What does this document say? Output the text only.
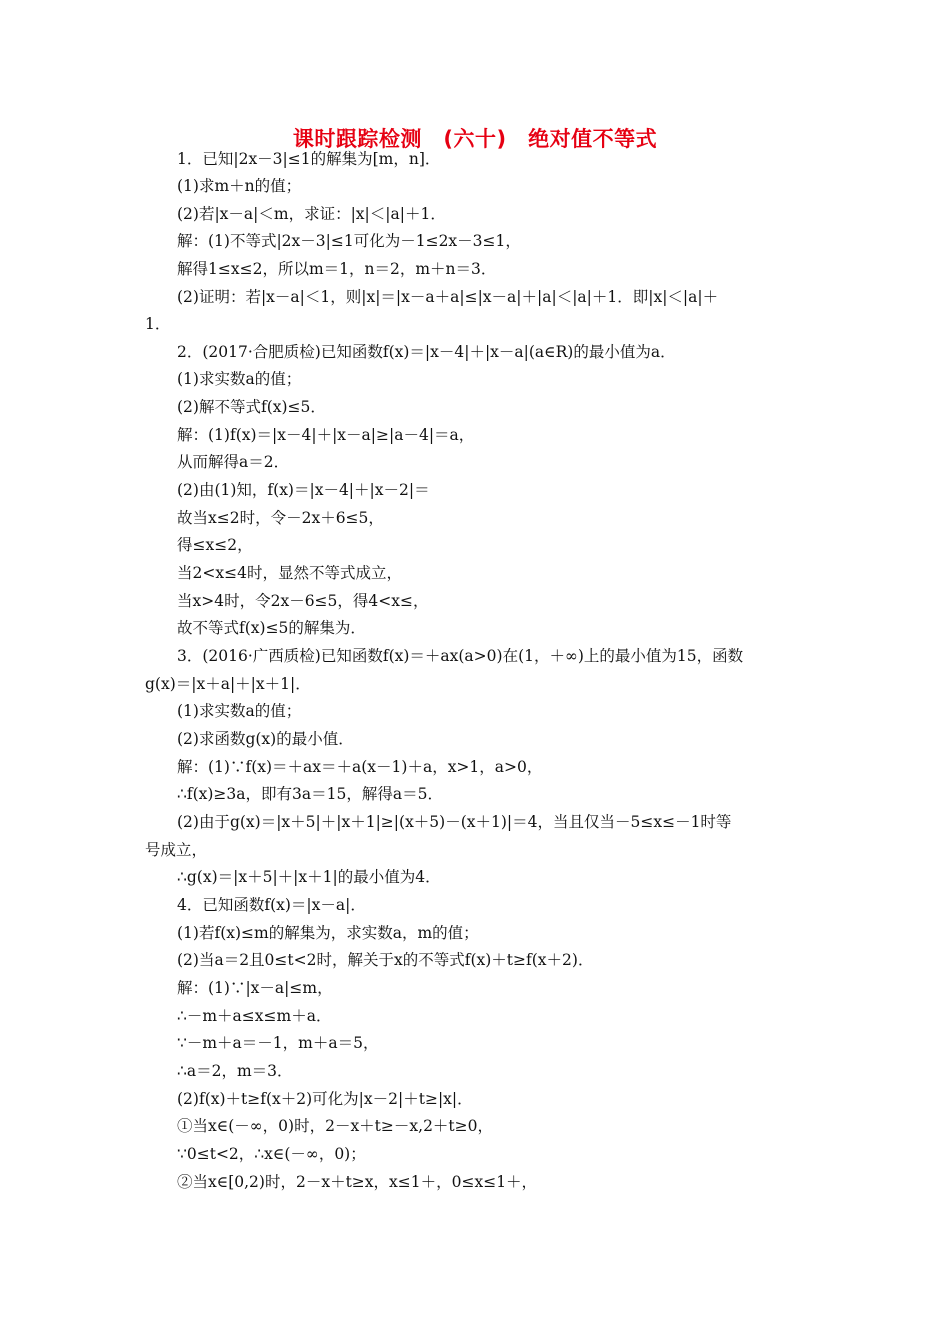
课时跟踪检测　(六十)　绝对值不等式
1．已知|2x－3|≤1的解集为[m，n]．
(1)求m＋n的值；
(2)若|x－a|＜m，求证：|x|＜|a|＋1．
解：(1)不等式|2x－3|≤1可化为－1≤2x－3≤1，
解得1≤x≤2，所以m＝1，n＝2，m＋n＝3．
(2)证明：若|x－a|＜1，则|x|＝|x－a＋a|≤|x－a|＋|a|＜|a|＋1．即|x|＜|a|＋
1．
2．(2017·合肥质检)已知函数f(x)＝|x－4|＋|x－a|(a∈R)的最小值为a．
(1)求实数a的值；
(2)解不等式f(x)≤5．
解：(1)f(x)＝|x－4|＋|x－a|≥|a－4|＝a，
从而解得a＝2．
(2)由(1)知，f(x)＝|x－4|＋|x－2|＝
故当x≤2时，令－2x＋6≤5，
得≤x≤2，
当2<x≤4时，显然不等式成立，
当x>4时，令2x－6≤5，得4<x≤，
故不等式f(x)≤5的解集为．
3．(2016·广西质检)已知函数f(x)＝＋ax(a>0)在(1，＋∞)上的最小值为15，函数
g(x)＝|x＋a|＋|x＋1|．
(1)求实数a的值；
(2)求函数g(x)的最小值．
解：(1)∵f(x)＝＋ax＝＋a(x－1)＋a，x>1，a>0，
∴f(x)≥3a，即有3a＝15，解得a＝5．
(2)由于g(x)＝|x＋5|＋|x＋1|≥|(x＋5)－(x＋1)|＝4，当且仅当－5≤x≤－1时等
号成立，
∴g(x)＝|x＋5|＋|x＋1|的最小值为4．
4．已知函数f(x)＝|x－a|．
(1)若f(x)≤m的解集为，求实数a，m的值；
(2)当a＝2且0≤t<2时，解关于x的不等式f(x)＋t≥f(x＋2)．
解：(1)∵|x－a|≤m，
∴－m＋a≤x≤m＋a．
∵－m＋a＝－1，m＋a＝5，
∴a＝2，m＝3．
(2)f(x)＋t≥f(x＋2)可化为|x－2|＋t≥|x|．
①当x∈(－∞，0)时，2－x＋t≥－x,2＋t≥0，
∵0≤t<2，∴x∈(－∞，0)；
②当x∈[0,2)时，2－x＋t≥x，x≤1＋，0≤x≤1＋，
